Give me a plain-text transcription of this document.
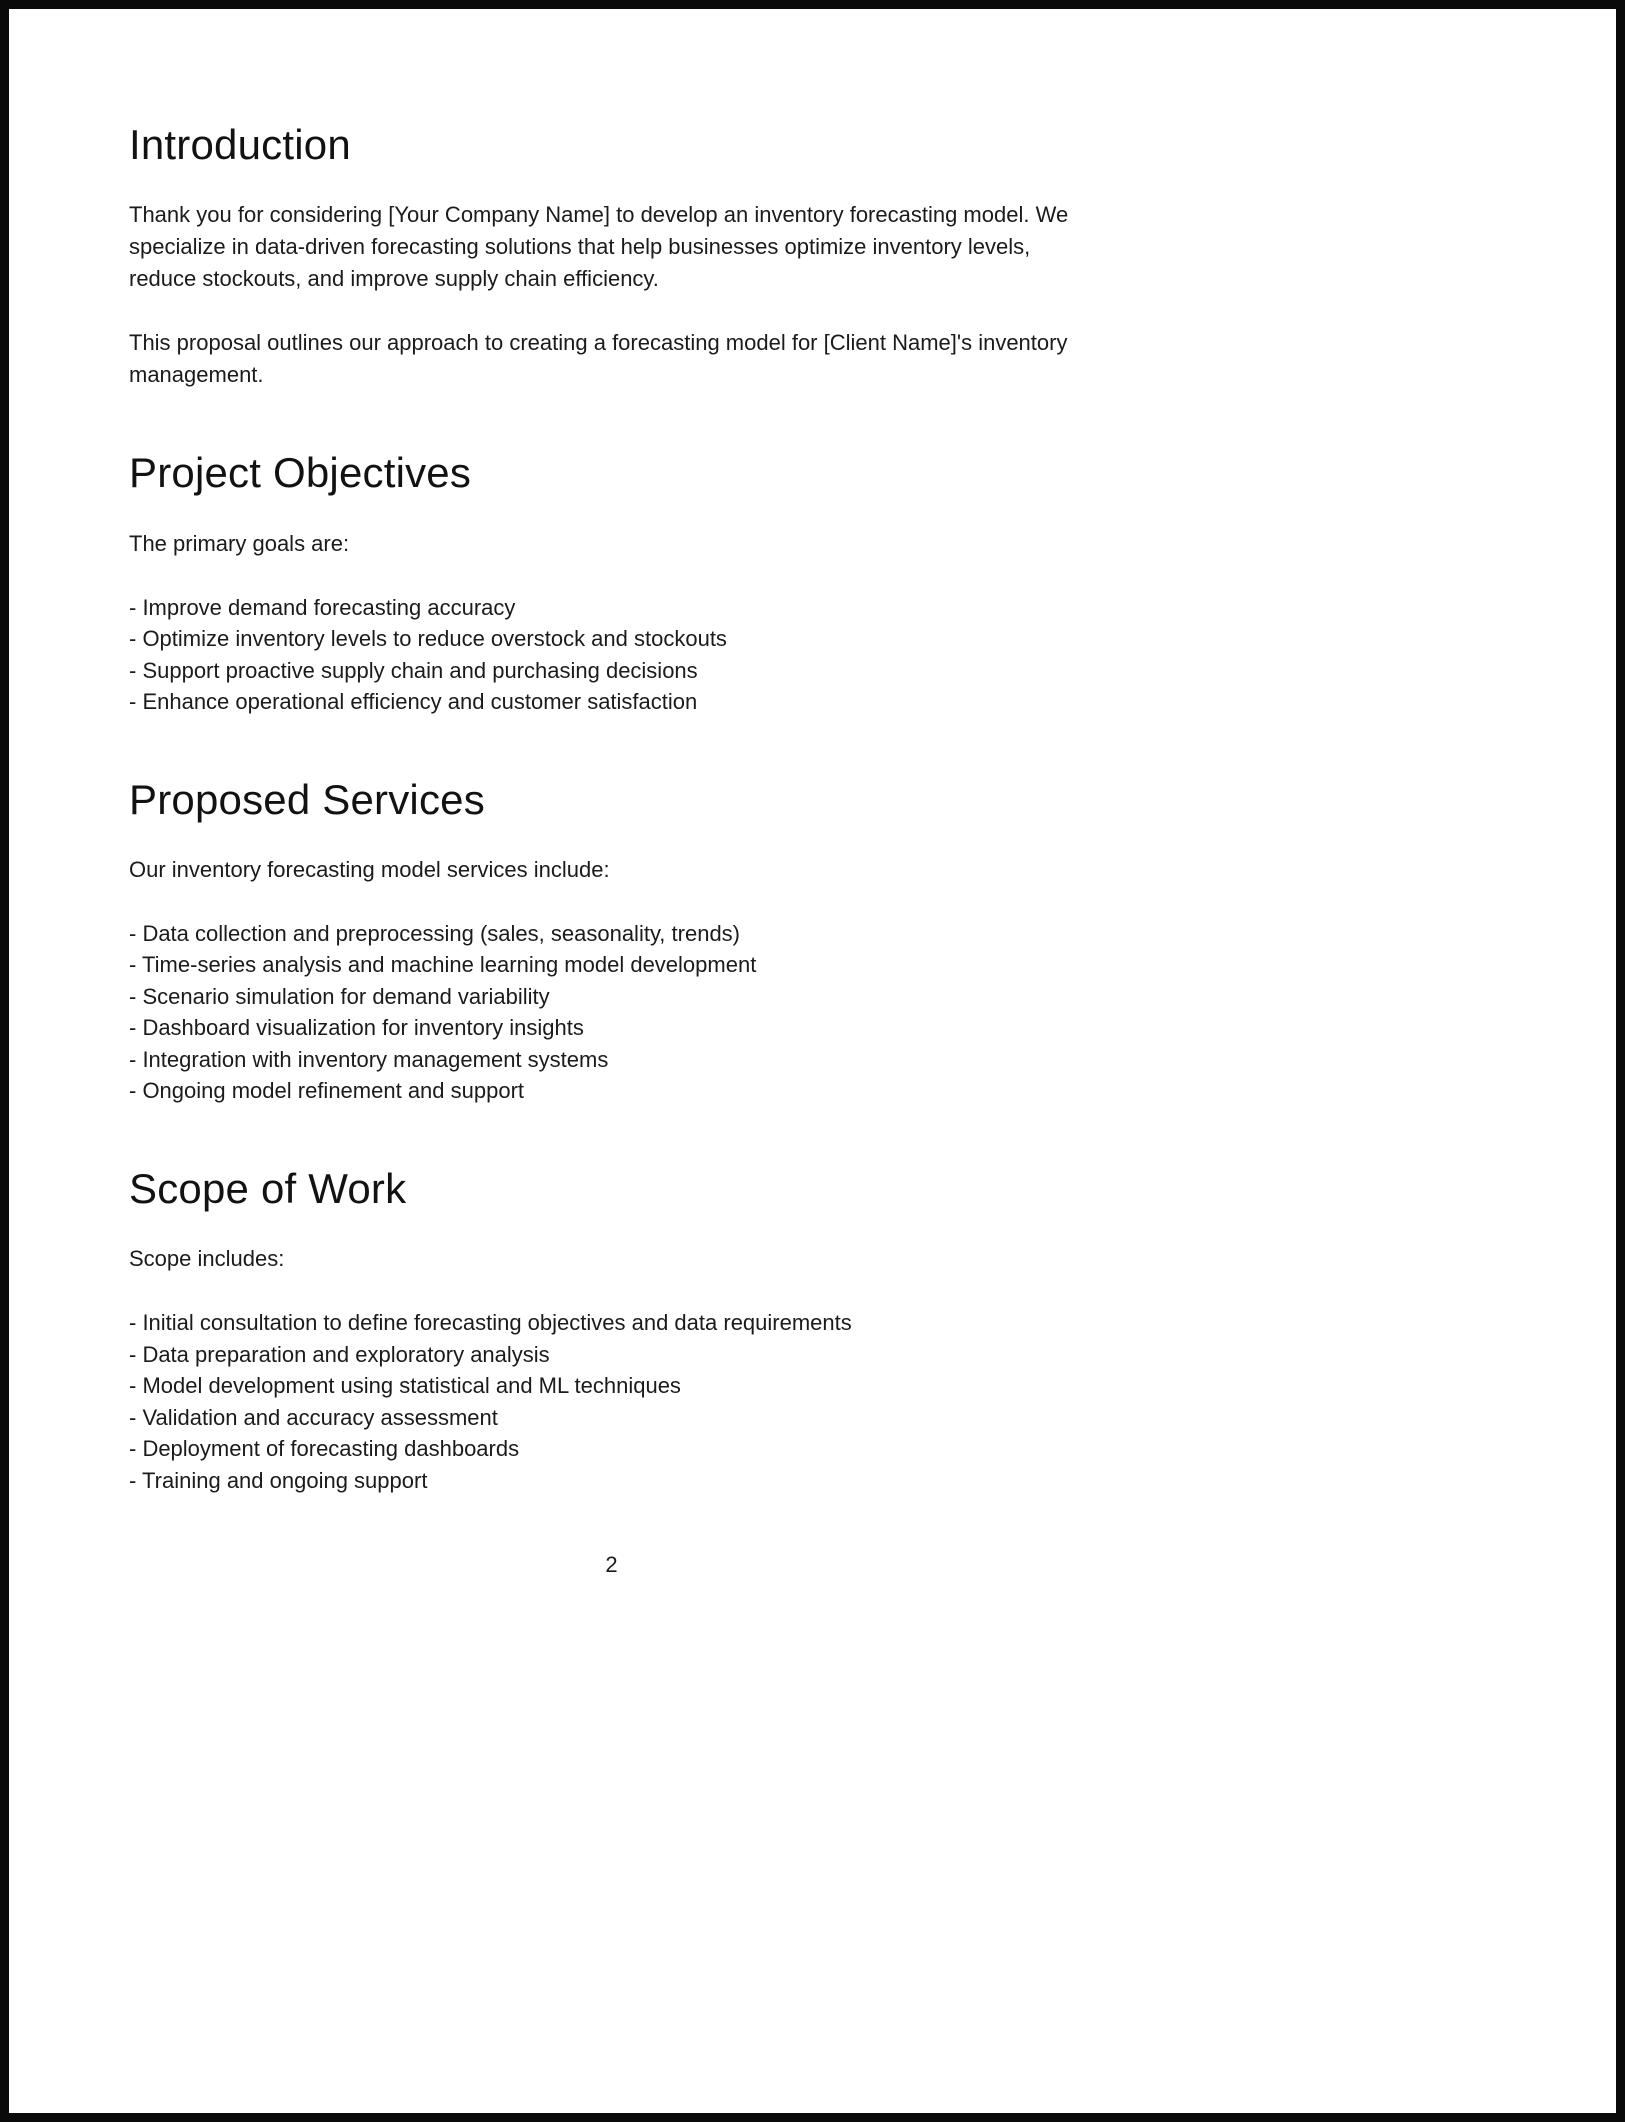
Introduction

Thank you for considering [Your Company Name] to develop an inventory forecasting model. We specialize in data-driven forecasting solutions that help businesses optimize inventory levels, reduce stockouts, and improve supply chain efficiency.

This proposal outlines our approach to creating a forecasting model for [Client Name]'s inventory management.

Project Objectives

The primary goals are:

- Improve demand forecasting accuracy

- Optimize inventory levels to reduce overstock and stockouts

- Support proactive supply chain and purchasing decisions

- Enhance operational efficiency and customer satisfaction

Proposed Services

Our inventory forecasting model services include:

- Data collection and preprocessing (sales, seasonality, trends)

- Time-series analysis and machine learning model development

- Scenario simulation for demand variability

- Dashboard visualization for inventory insights

- Integration with inventory management systems

- Ongoing model refinement and support

Scope of Work

Scope includes:

- Initial consultation to define forecasting objectives and data requirements

- Data preparation and exploratory analysis

- Model development using statistical and ML techniques

- Validation and accuracy assessment

- Deployment of forecasting dashboards

- Training and ongoing support

2
